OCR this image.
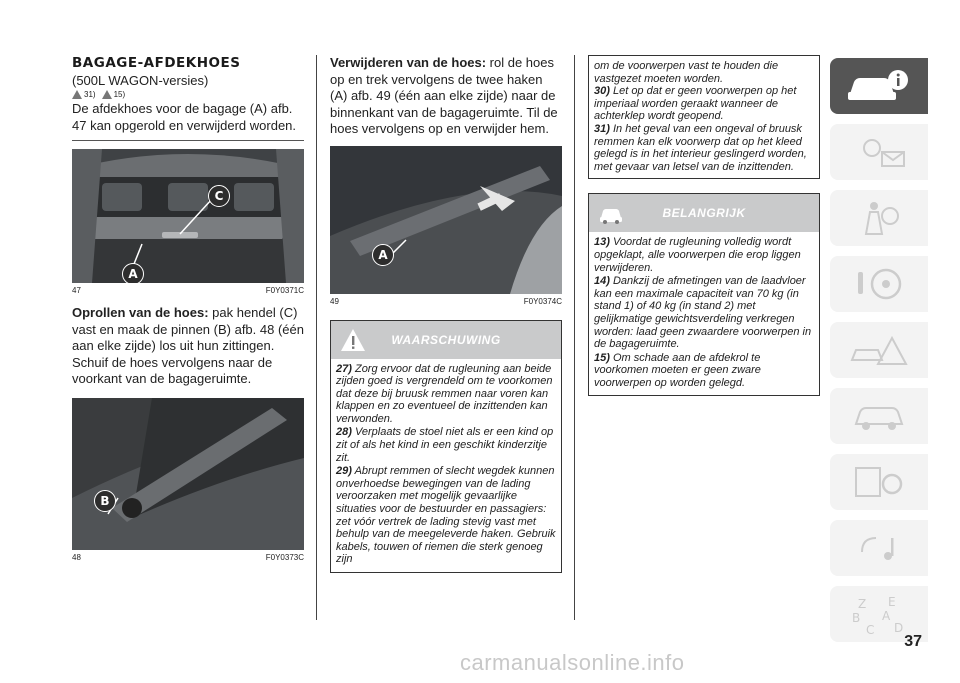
BAGAGE-AFDEKHOES
(500L WAGON-versies)
31)	15)

De afdekhoes voor de bagage (A) afb. 47 kan opgerold en verwijderd worden.

C
A
47	F0Y0371C

Oprollen van de hoes: pak hendel (C) vast en maak de pinnen (B) afb. 48 (één aan elke zijde) los uit hun zittingen. Schuif de hoes vervolgens naar de voorkant van de bagageruimte.

B
48	F0Y0373C

Verwijderen van de hoes: rol de hoes op en trek vervolgens de twee haken (A) afb. 49 (één aan elke zijde) naar de binnenkant van de bagageruimte. Til de hoes vervolgens op en verwijder hem.

A
49	F0Y0374C
WAARSCHUWING
27) Zorg ervoor dat de rugleuning aan beide zijden goed is vergrendeld om te voorkomen dat deze bij bruusk remmen naar voren kan klappen en zo eventueel de inzittenden kan verwonden.
28) Verplaats de stoel niet als er een kind op zit of als het kind in een geschikt kinderzitje zit.
29) Abrupt remmen of slecht wegdek kunnen onverhoedse bewegingen van de lading veroorzaken met mogelijk gevaarlijke situaties voor de bestuurder en passagiers: zet vóór vertrek de lading stevig vast met behulp van de meegeleverde haken. Gebruik kabels, touwen of riemen die sterk genoeg zijn
om de voorwerpen vast te houden die vastgezet moeten worden.
30) Let op dat er geen voorwerpen op het imperiaal worden geraakt wanneer de achterklep wordt geopend.
31) In het geval van een ongeval of bruusk remmen kan elk voorwerp dat op het kleed gelegd is in het interieur geslingerd worden, met gevaar van letsel van de inzittenden.
BELANGRIJK
13) Voordat de rugleuning volledig wordt opgeklapt, alle voorwerpen die erop liggen verwijderen.
14) Dankzij de afmetingen van de laadvloer kan een maximale capaciteit van 70 kg (in stand 1) of 40 kg (in stand 2) met gelijkmatige gewichtsverdeling verkregen worden: laad geen zwaardere voorwerpen in de bagageruimte.
15) Om schade aan de afdekrol te voorkomen moeten er geen zware voorwerpen op worden gelegd.
Z E
B A
C D
37
carmanualsonline.info
